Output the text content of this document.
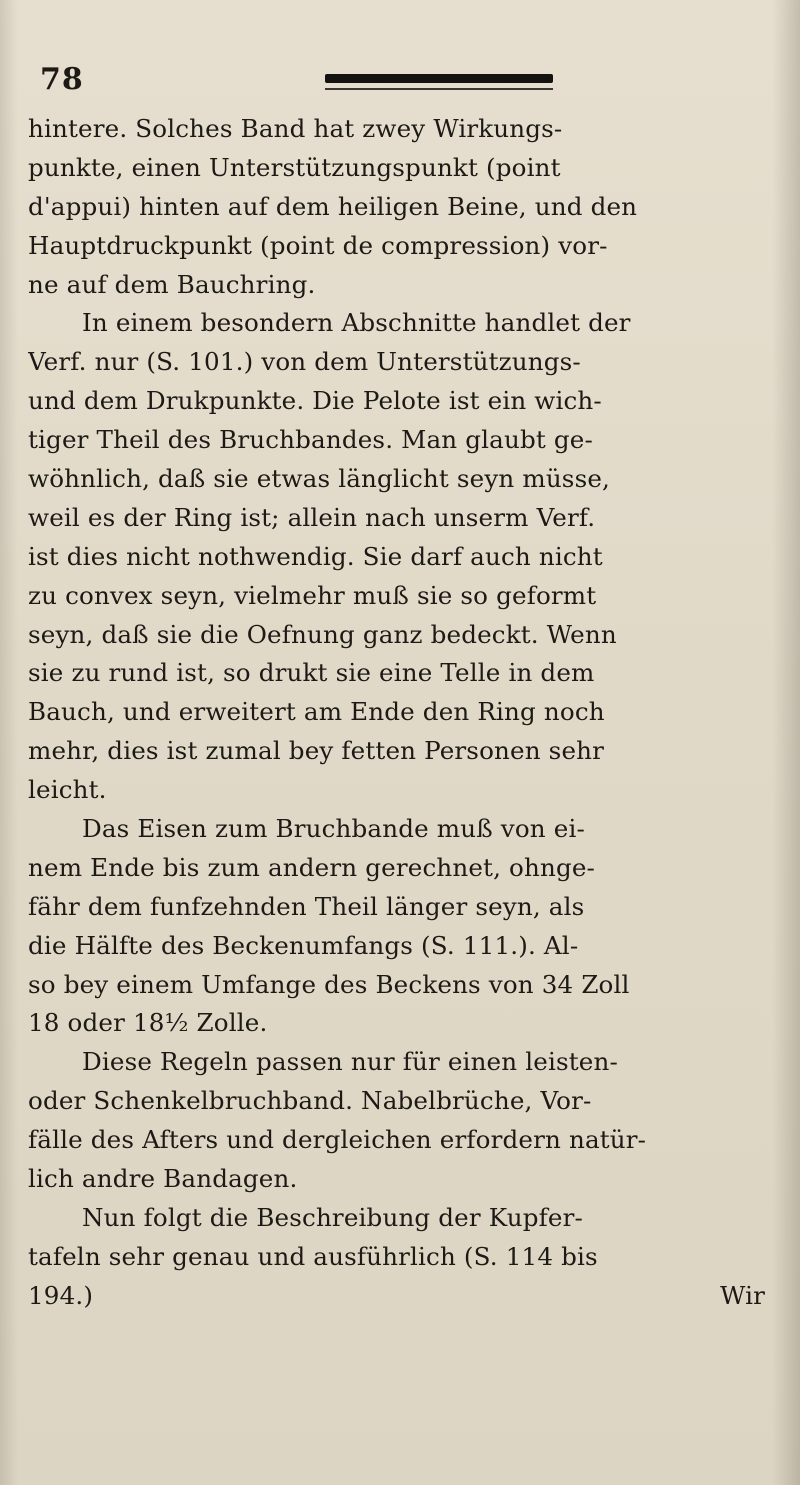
78
hintere. Solches Band hat zwey Wirkungs-
punkte, einen Unterstützungspunkt (point
d'appui) hinten auf dem heiligen Beine, und den
Hauptdruckpunkt (point de compression) vor-
ne auf dem Bauchring.
In einem besondern Abschnitte handlet der
Verf. nur (S. 101.) von dem Unterstützungs-
und dem Drukpunkte. Die Pelote ist ein wich-
tiger Theil des Bruchbandes. Man glaubt ge-
wöhnlich, daß sie etwas länglicht seyn müsse,
weil es der Ring ist; allein nach unserm Verf.
ist dies nicht nothwendig. Sie darf auch nicht
zu convex seyn, vielmehr muß sie so geformt
seyn, daß sie die Oefnung ganz bedeckt. Wenn
sie zu rund ist, so drukt sie eine Telle in dem
Bauch, und erweitert am Ende den Ring noch
mehr, dies ist zumal bey fetten Personen sehr
leicht.
Das Eisen zum Bruchbande muß von ei-
nem Ende bis zum andern gerechnet, ohnge-
fähr dem funfzehnden Theil länger seyn, als
die Hälfte des Beckenumfangs (S. 111.). Al-
so bey einem Umfange des Beckens von 34 Zoll
18 oder 18½ Zolle.
Diese Regeln passen nur für einen leisten-
oder Schenkelbruchband. Nabelbrüche, Vor-
fälle des Afters und dergleichen erfordern natür-
lich andre Bandagen.
Nun folgt die Beschreibung der Kupfer-
tafeln sehr genau und ausführlich (S. 114 bis
194.)	Wir
